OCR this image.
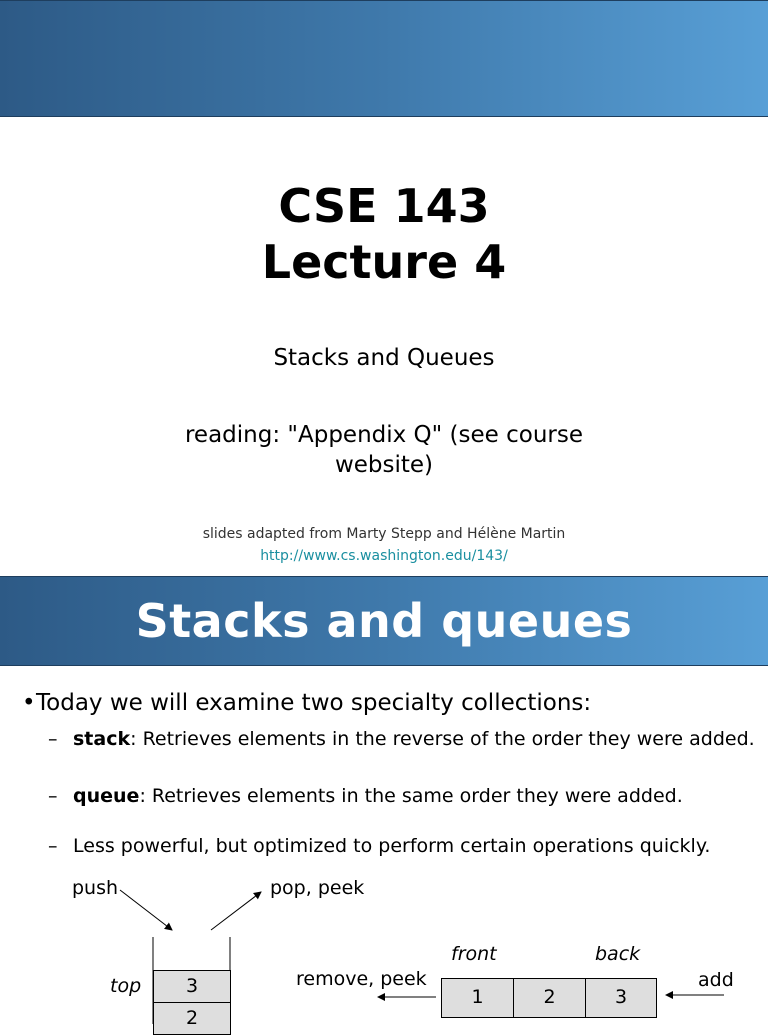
CSE 143
Lecture 4
Stacks and Queues
reading: "Appendix Q" (see course website)
slides adapted from Marty Stepp and Hélène Martin
http://www.cs.washington.edu/143/
Stacks and queues
•Today we will examine two specialty collections:
– stack: Retrieves elements in the reverse of the order they were added.
– queue: Retrieves elements in the same order they were added.
– Less powerful, but optimized to perform certain operations quickly.
push	pop, peek
top	3
2
front	back
remove, peek	add
1	2	3
